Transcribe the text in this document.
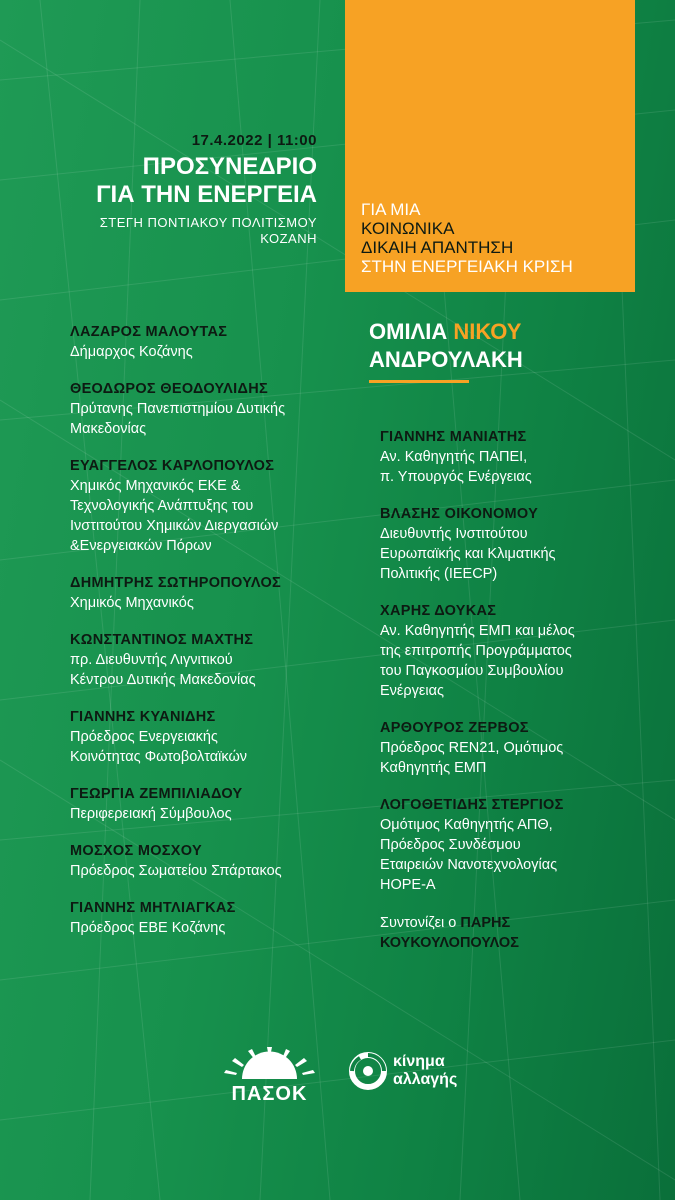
17.4.2022 | 11:00
ΠΡΟΣΥΝΕΔΡΙΟ
ΓΙΑ ΤΗΝ ΕΝΕΡΓΕΙΑ
ΣΤΕΓΗ ΠΟΝΤΙΑΚΟΥ ΠΟΛΙΤΙΣΜΟΥ
ΚΟΖΑΝΗ
ΓΙΑ ΜΙΑ
ΚΟΙΝΩΝΙΚΑ
ΔΙΚΑΙΗ ΑΠΑΝΤΗΣΗ
ΣΤΗΝ ΕΝΕΡΓΕΙΑΚΗ ΚΡΙΣΗ
ΟΜΙΛΙΑ ΝΙΚΟΥ
ΑΝΔΡΟΥΛΑΚΗ
ΛΑΖΑΡΟΣ ΜΑΛΟΥΤΑΣ
Δήμαρχος Κοζάνης
ΘΕΟΔΩΡΟΣ ΘΕΟΔΟΥΛΙΔΗΣ
Πρύτανης Πανεπιστημίου Δυτικής
Μακεδονίας
ΕΥΑΓΓΕΛΟΣ ΚΑΡΛΟΠΟΥΛΟΣ
Χημικός Μηχανικός ΕΚΕ &
Τεχνολογικής Ανάπτυξης του
Ινστιτούτου Χημικών Διεργασιών
&Ενεργειακών Πόρων
ΔΗΜΗΤΡΗΣ ΣΩΤΗΡΟΠΟΥΛΟΣ
Χημικός Μηχανικός
ΚΩΝΣΤΑΝΤΙΝΟΣ ΜΑΧΤΗΣ
πρ. Διευθυντής Λιγνιτικού
Κέντρου Δυτικής Μακεδονίας
ΓΙΑΝΝΗΣ ΚΥΑΝΙΔΗΣ
Πρόεδρος Ενεργειακής
Κοινότητας Φωτοβολταϊκών
ΓΕΩΡΓΙΑ ΖΕΜΠΙΛΙΑΔΟΥ
Περιφερειακή Σύμβουλος
ΜΟΣΧΟΣ ΜΟΣΧΟΥ
Πρόεδρος Σωματείου Σπάρτακος
ΓΙΑΝΝΗΣ ΜΗΤΛΙΑΓΚΑΣ
Πρόεδρος ΕΒΕ Κοζάνης
ΓΙΑΝΝΗΣ ΜΑΝΙΑΤΗΣ
Αν. Καθηγητής ΠΑΠΕΙ,
π. Υπουργός Ενέργειας
ΒΛΑΣΗΣ ΟΙΚΟΝΟΜΟΥ
Διευθυντής Ινστιτούτου
Ευρωπαϊκής και Κλιματικής
Πολιτικής (IEECP)
ΧΑΡΗΣ ΔΟΥΚΑΣ
Αν. Καθηγητής ΕΜΠ και μέλος
της επιτροπής Προγράμματος
του Παγκοσμίου Συμβουλίου
Ενέργειας
ΑΡΘΟΥΡΟΣ ΖΕΡΒΟΣ
Πρόεδρος REN21, Ομότιμος
Καθηγητής ΕΜΠ
ΛΟΓΟΘΕΤΙΔΗΣ ΣΤΕΡΓΙΟΣ
Ομότιμος Καθηγητής ΑΠΘ,
Πρόεδρος Συνδέσμου
Εταιρειών Νανοτεχνολογίας
HOPE-A
Συντονίζει ο ΠΑΡΗΣ
ΚΟΥΚΟΥΛΟΠΟΥΛΟΣ
ΠΑΣΟΚ
κίνημα
αλλαγής
